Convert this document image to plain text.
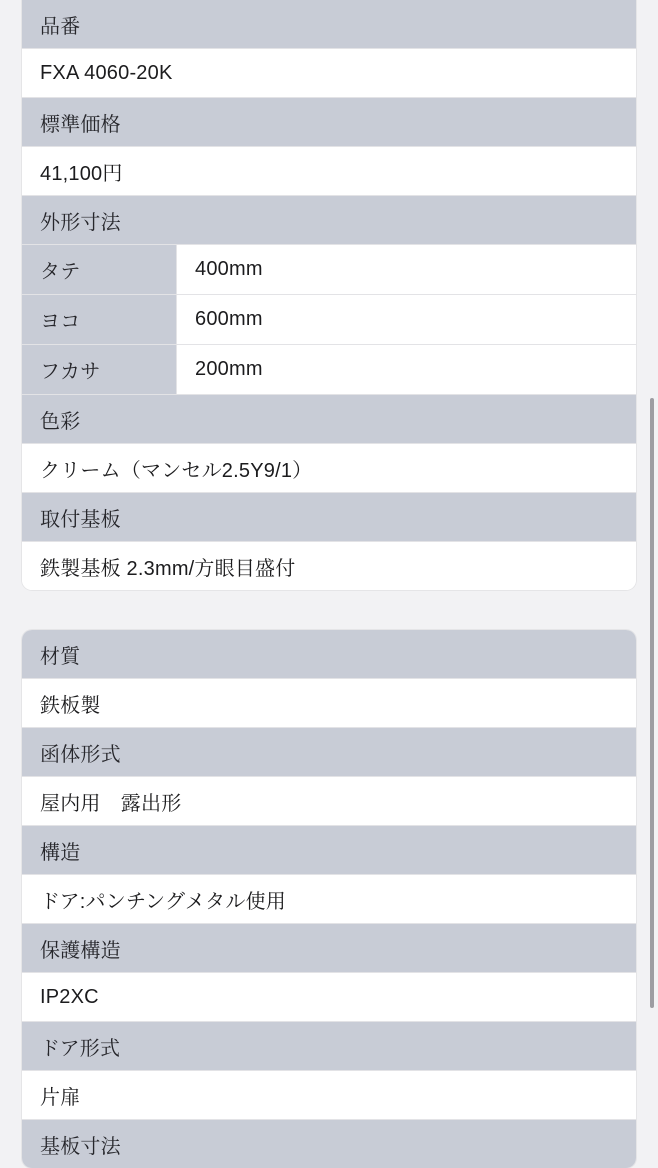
品番
FXA 4060-20K
標準価格
41,100円
外形寸法
タテ	400mm
ヨコ	600mm
フカサ	200mm
色彩
クリーム（マンセル2.5Y9/1）
取付基板
鉄製基板 2.3mm/方眼目盛付
材質
鉄板製
函体形式
屋内用　露出形
構造
ドア:パンチングメタル使用
保護構造
IP2XC
ドア形式
片扉
基板寸法
